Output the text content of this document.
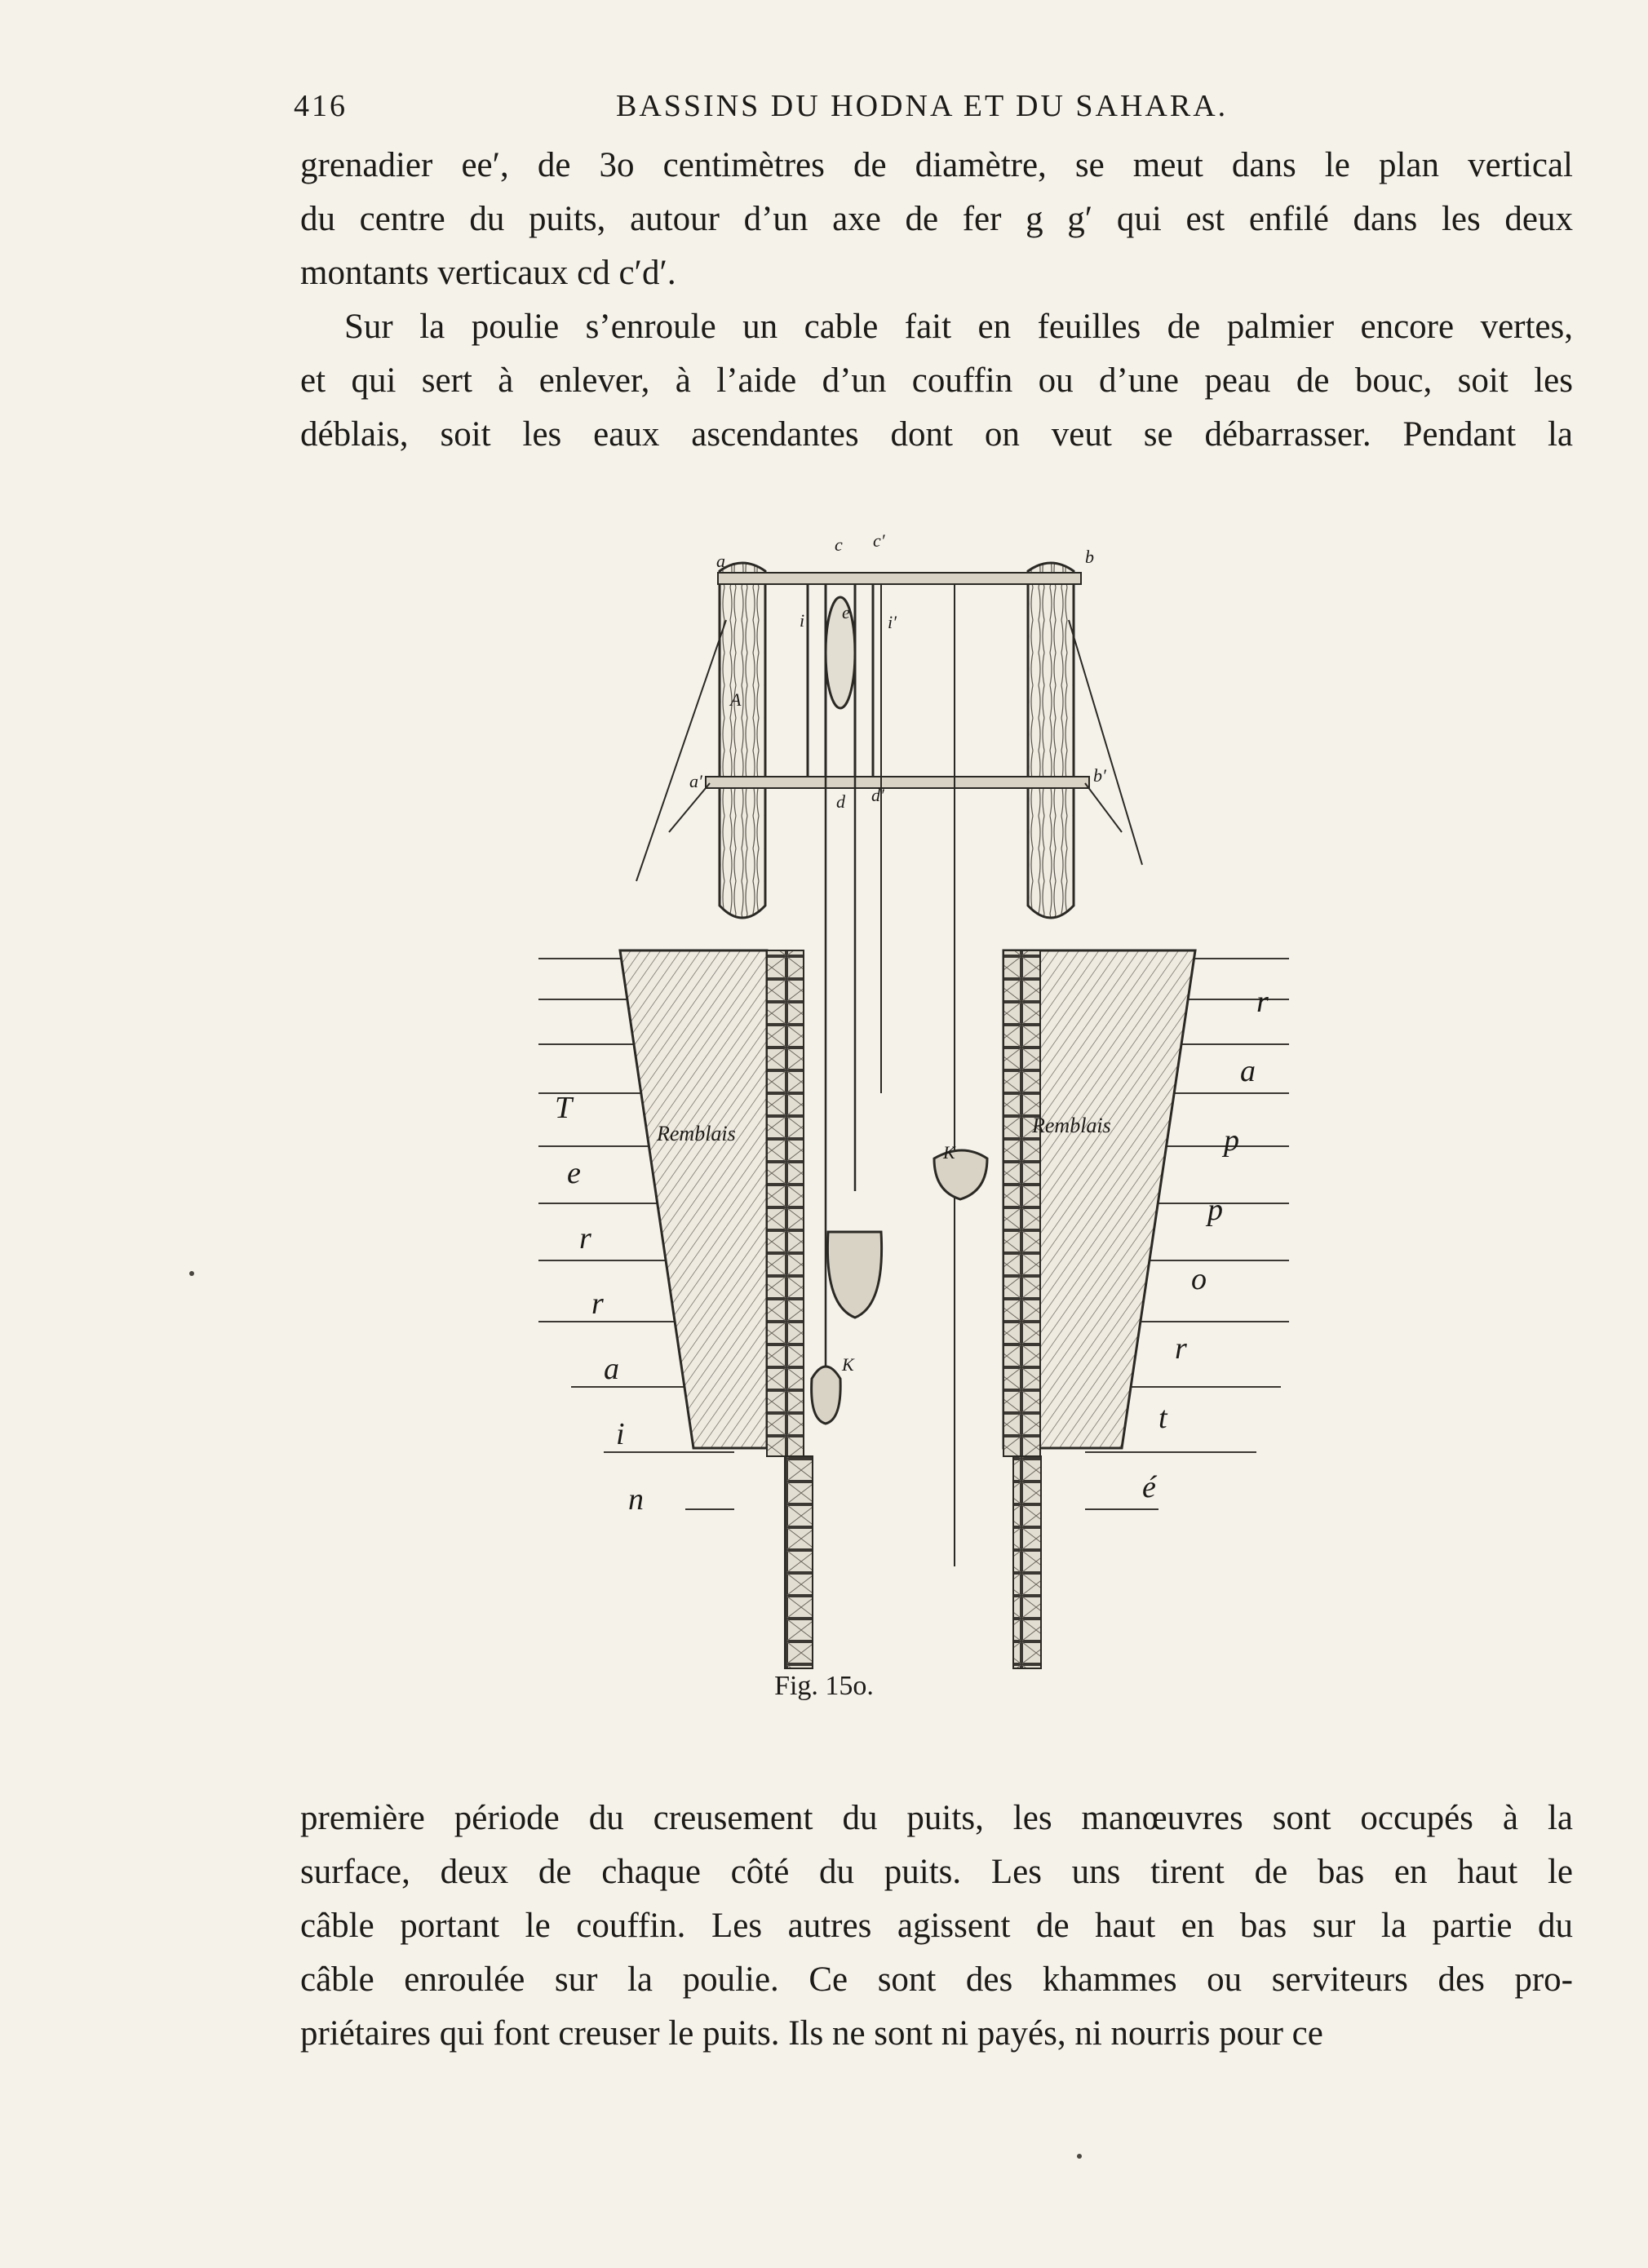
416	BASSINS DU HODNA ET DU SAHARA.
grenadier ee′, de 3o centimètres de diamètre, se meut dans le plan vertical
du centre du puits, autour d’un axe de fer g g′ qui est enfilé dans les deux
montants verticaux cd c′d′.
Sur la poulie s’enroule un cable fait en feuilles de palmier encore vertes,
et qui sert à enlever, à l’aide d’un couffin ou d’une peau de bouc, soit les
déblais, soit les eaux ascendantes dont on veut se débarrasser. Pendant la
a	b
a′	b′
c c′
d d′
e
i	i′
A
K
K
Remblais	Remblais
T
e
r
r
a
i
n
r
a
p
p
o
r
t
é
Fig. 15o.
première période du creusement du puits, les manœuvres sont occupés à la
surface, deux de chaque côté du puits. Les uns tirent de bas en haut le
câble portant le couffin. Les autres agissent de haut en bas sur la partie du
câble enroulée sur la poulie. Ce sont des khammes ou serviteurs des pro-
priétaires qui font creuser le puits. Ils ne sont ni payés, ni nourris pour ce
